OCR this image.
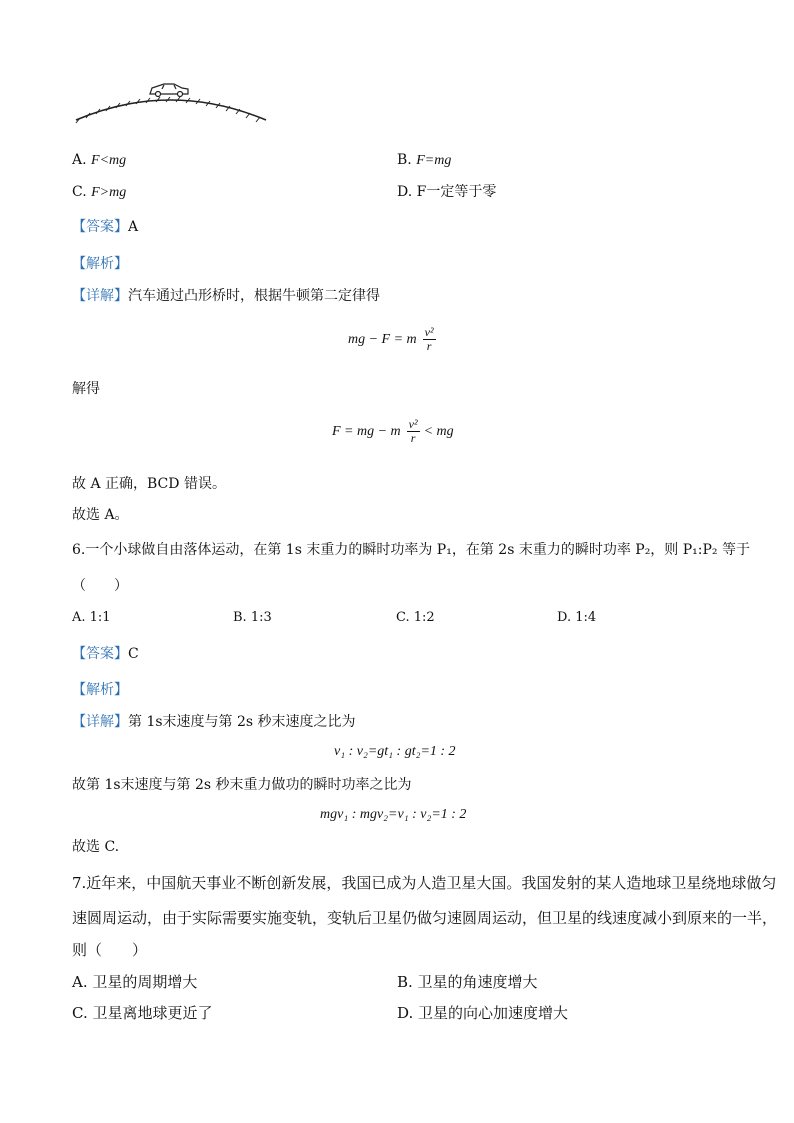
A. F<mg	B. F=mg
C. F>mg	D. F一定等于零
【答案】A
【解析】
【详解】汽车通过凸形桥时，根据牛顿第二定律得
mg − F = m $\frac{\text{v²}}{r}$
解得
F = mg − m $\frac{\text{v²}}{r}$ < mg
故 A 正确，BCD 错误。
故选 A。
6.一个小球做自由落体运动，在第 1s 末重力的瞬时功率为 P₁，在第 2s 末重力的瞬时功率 P₂，则 P₁:P₂ 等于
（　　）
A. 1:1	B. 1:3	C. 1:2	D. 1:4
【答案】C
【解析】
【详解】第 1s末速度与第 2s 秒末速度之比为
v₁ : v₂=gt₁ : gt₂=1 : 2
故第 1s末速度与第 2s 秒末重力做功的瞬时功率之比为
mgv₁ : mgv₂=v₁ : v₂=1 : 2
故选 C.
7.近年来，中国航天事业不断创新发展，我国已成为人造卫星大国。我国发射的某人造地球卫星绕地球做匀
速圆周运动，由于实际需要实施变轨，变轨后卫星仍做匀速圆周运动，但卫星的线速度减小到原来的一半，
则（　　）
A. 卫星的周期增大	B. 卫星的角速度增大
C. 卫星离地球更近了	D. 卫星的向心加速度增大
